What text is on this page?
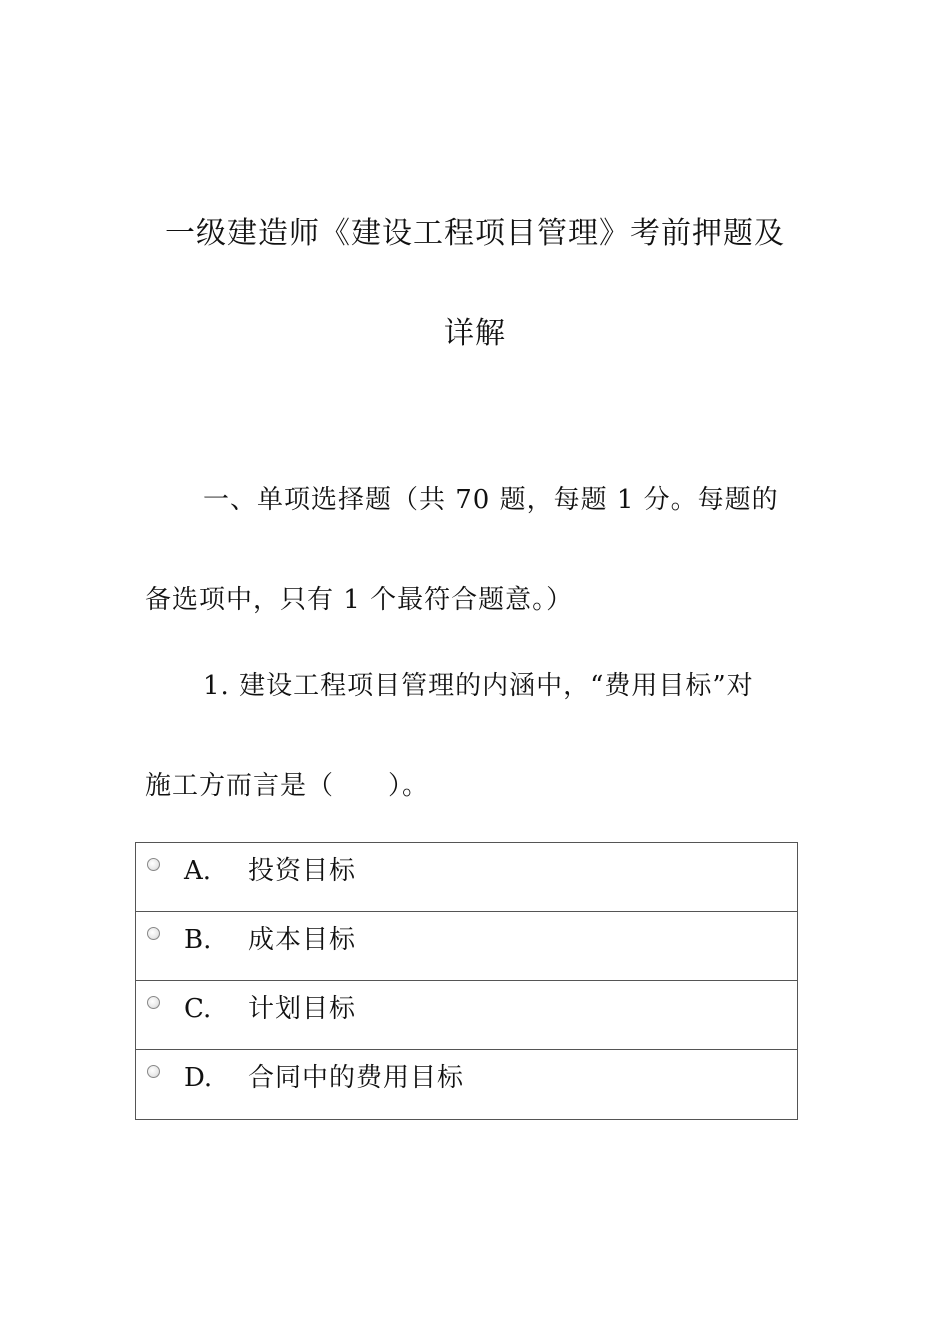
一级建造师《建设工程项目管理》考前押题及
详解
一、单项选择题（共 70 题，每题 1 分。每题的
备选项中，只有 1 个最符合题意。）
1. 建设工程项目管理的内涵中，“费用目标”对
施工方而言是（　　）。
A. 投资目标
B. 成本目标
C. 计划目标
D. 合同中的费用目标
